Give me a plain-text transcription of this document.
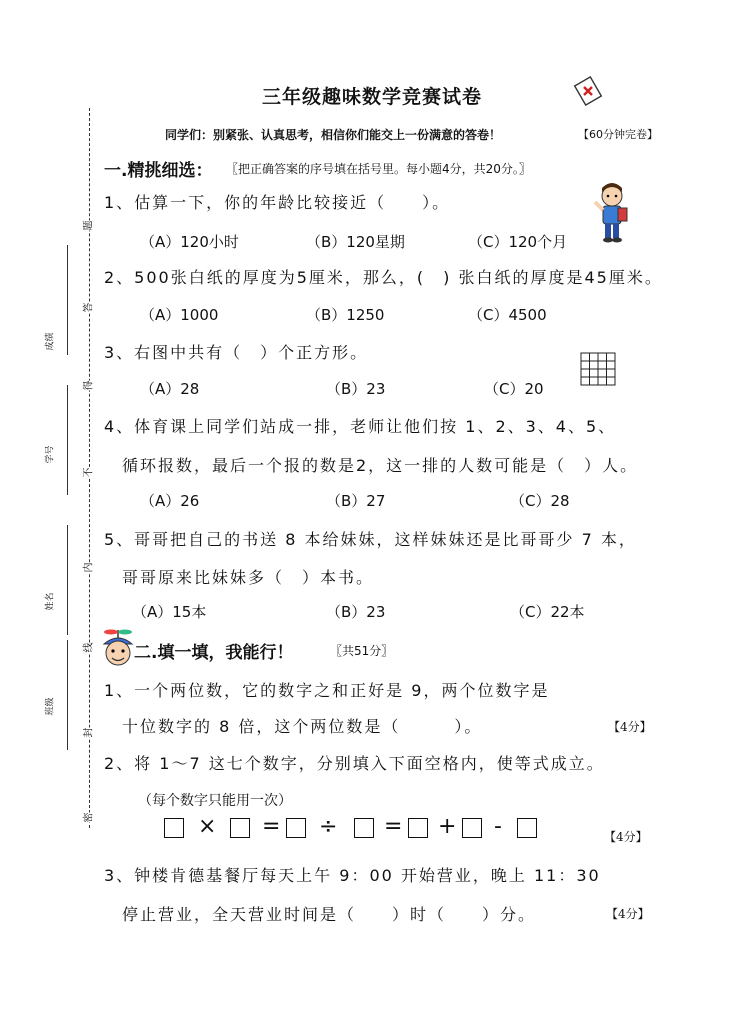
题
答
得
不
内
线
封
密
成绩
学号
姓名
班级
三年级趣味数学竞赛试卷
同学们：别紧张、认真思考，相信你们能交上一份满意的答卷！	【60分钟完卷】
一.精挑细选： 〖把正确答案的序号填在括号里。每小题4分，共20分。〗
1、估算一下，你的年龄比较接近（　　）。
（A）120小时	（B）120星期	（C）120个月
2、500张白纸的厚度为5厘米，那么，(　) 张白纸的厚度是45厘米。
（A）1000	（B）1250	（C）4500
3、右图中共有（　）个正方形。
（A）28	（B）23	（C）20
4、体育课上同学们站成一排，老师让他们按 1、2、3、4、5、
循环报数，最后一个报的数是2，这一排的人数可能是（　）人。
（A）26	（B）27	（C）28
5、哥哥把自己的书送 8 本给妹妹，这样妹妹还是比哥哥少 7 本，
哥哥原来比妹妹多（　）本书。
（A）15本	（B）23	（C）22本
二.填一填，我能行！	〖共51分〗
1、一个两位数，它的数字之和正好是 9，两个位数字是
十位数字的 8 倍，这个两位数是（　　　）。	【4分】
2、将 1～7 这七个数字，分别填入下面空格内，使等式成立。
（每个数字只能用一次）
× = ÷ = + -	【4分】
3、钟楼肯德基餐厅每天上午 9：00 开始营业，晚上 11：30
停止营业，全天营业时间是（　　）时（　　）分。	【4分】
